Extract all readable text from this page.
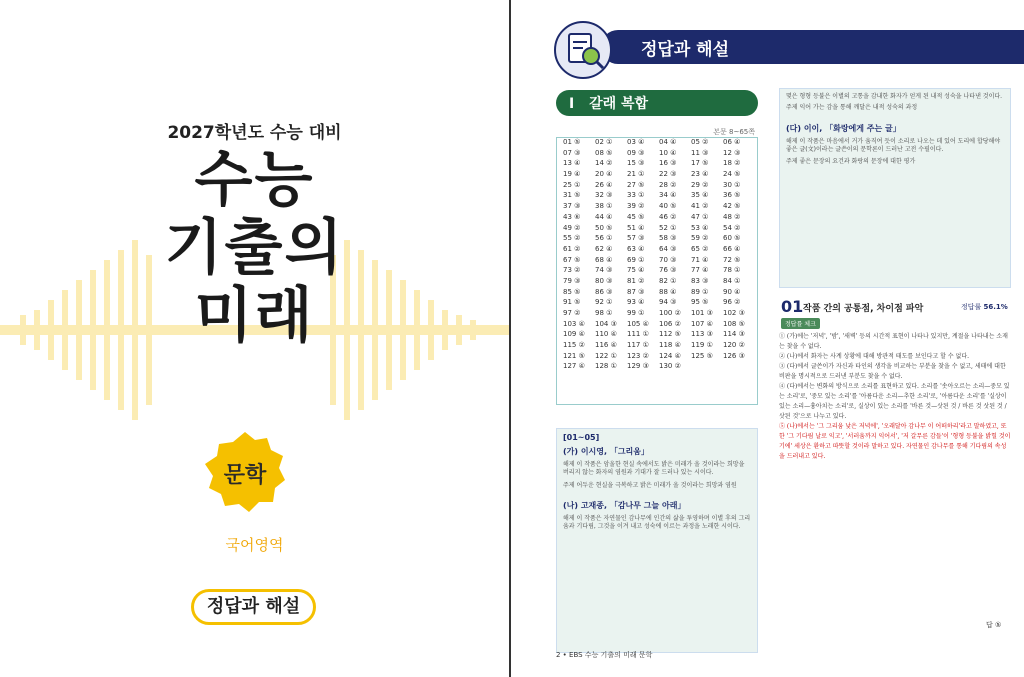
2027학년도 수능 대비
수능
기출의
미래
문학
국어영역
정답과 해설
정답과 해설
I 갈래 복합
본문 8~65쪽
01 ⑤	02 ①	03 ④	04 ④	05 ②	06 ④
07 ③	08 ⑤	09 ③	10 ④	11 ③	12 ③
13 ④	14 ②	15 ③	16 ③	17 ⑤	18 ②
19 ④	20 ④	21 ①	22 ③	23 ④	24 ⑤
25 ①	26 ④	27 ⑤	28 ②	29 ②	30 ①
31 ⑤	32 ③	33 ①	34 ④	35 ④	36 ⑤
37 ③	38 ①	39 ②	40 ⑤	41 ②	42 ⑤
43 ⑥	44 ④	45 ⑤	46 ②	47 ①	48 ②
49 ②	50 ⑤	51 ④	52 ①	53 ④	54 ②
55 ②	56 ①	57 ③	58 ③	59 ②	60 ⑤
61 ②	62 ④	63 ④	64 ③	65 ②	66 ④
67 ⑤	68 ④	69 ①	70 ③	71 ④	72 ⑤
73 ②	74 ③	75 ④	76 ③	77 ④	78 ①
79 ③	80 ③	81 ②	82 ①	83 ③	84 ①
85 ⑤	86 ③	87 ③	88 ④	89 ①	90 ④
91 ⑤	92 ①	93 ④	94 ③	95 ⑤	96 ②
97 ②	98 ①	99 ①	100 ②	101 ③	102 ③
103 ④	104 ③	105 ④	106 ②	107 ④	108 ⑤
109 ④	110 ④	111 ①	112 ⑤	113 ③	114 ③
115 ②	116 ④	117 ①	118 ④	119 ①	120 ②
121 ⑤	122 ①	123 ②	124 ④	125 ⑤	126 ③
127 ④	128 ①	129 ③	130 ②
[01~05]
(가) 이시영, 「그리움」
해제 이 작품은 암울한 현실 속에서도 밝은 미래가 올 것이라는 희망을 버리지 않는 화자의 염원과 기대가 잘 드러나 있는 시이다.
주제 어두운 현실을 극복하고 밝은 미래가 올 것이라는 희망과 염원
(나) 고재종, 「감나무 그늘 아래」
해제 이 작품은 자연물인 감나무에 인간의 삶을 투영하며 이별 후의 그리움과 기다림, 그것을 이겨 내고 성숙에 이르는 과정을 노래한 시이다.
몇은 형형 등불은 이별의 고통을 감내한 화자가 얻게 된 내적 성숙을 나타낸 것이다.
주제 익어 가는 감을 통해 깨달은 내적 성숙의 과정
(다) 이이, 「화랑에게 주는 글」
해제 이 작품은 마음에서 거가 움직여 듯이 소리로 나오는 데 있어 도리에 합당해야 좋은 글(文)이라는 글쓴이의 문학론이 드러난 고전 수필이다.
주제 좋은 문장의 요건과 화랑의 문장에 대한 평가
01 작품 간의 공통점, 차이점 파악	정답률 56.1%
정답률 체크

① (가)에는 '저녁', '밤', '새벽' 등의 시간적 표현이 나타나 있지만, 계절을 나타내는 소재는 찾을 수 없다.

② (나)에서 화자는 사계 상황에 대해 방관적 태도를 보인다고 할 수 없다.

③ (다)에서 글쓴이가 자신과 타인의 생각을 비교하는 부분을 찾을 수 없고, 세태에 대한 비판을 명시적으로 드러낸 부분도 찾을 수 없다.

④ (다)에서는 변화의 방식으로 소리를 표현하고 있다. 소리를 '솟아오르는 소리—중모 있는 소리'로, '중모 있는 소리'를 '아름다운 소리—추한 소리'로, '아름다운 소리'를 '실상이 있는 소리—흉아치는 소리'로, 실상이 있는 소리를 '바른 것—삿된 것 / 바른 것 삿된 것 / 삿된 것'으로 나누고 있다.

⑤ (나)에서는 '그 그리움 낯은 저녁에', '오래달아 감나무 이 어떠하리'라고 말하였고, 또한 '그 기다림 날로 익고', '서러움까지 익어서', '저 갈무른 감들'이 '형형 등불을 밝힐 것이기에' 세상은 환하고 따뜻할 것이라 말하고 있다. 자연물인 감나무를 통해 기다림의 속성을 드러내고 있다.

답 ⑤
2 • EBS 수능 기출의 미래 문학
